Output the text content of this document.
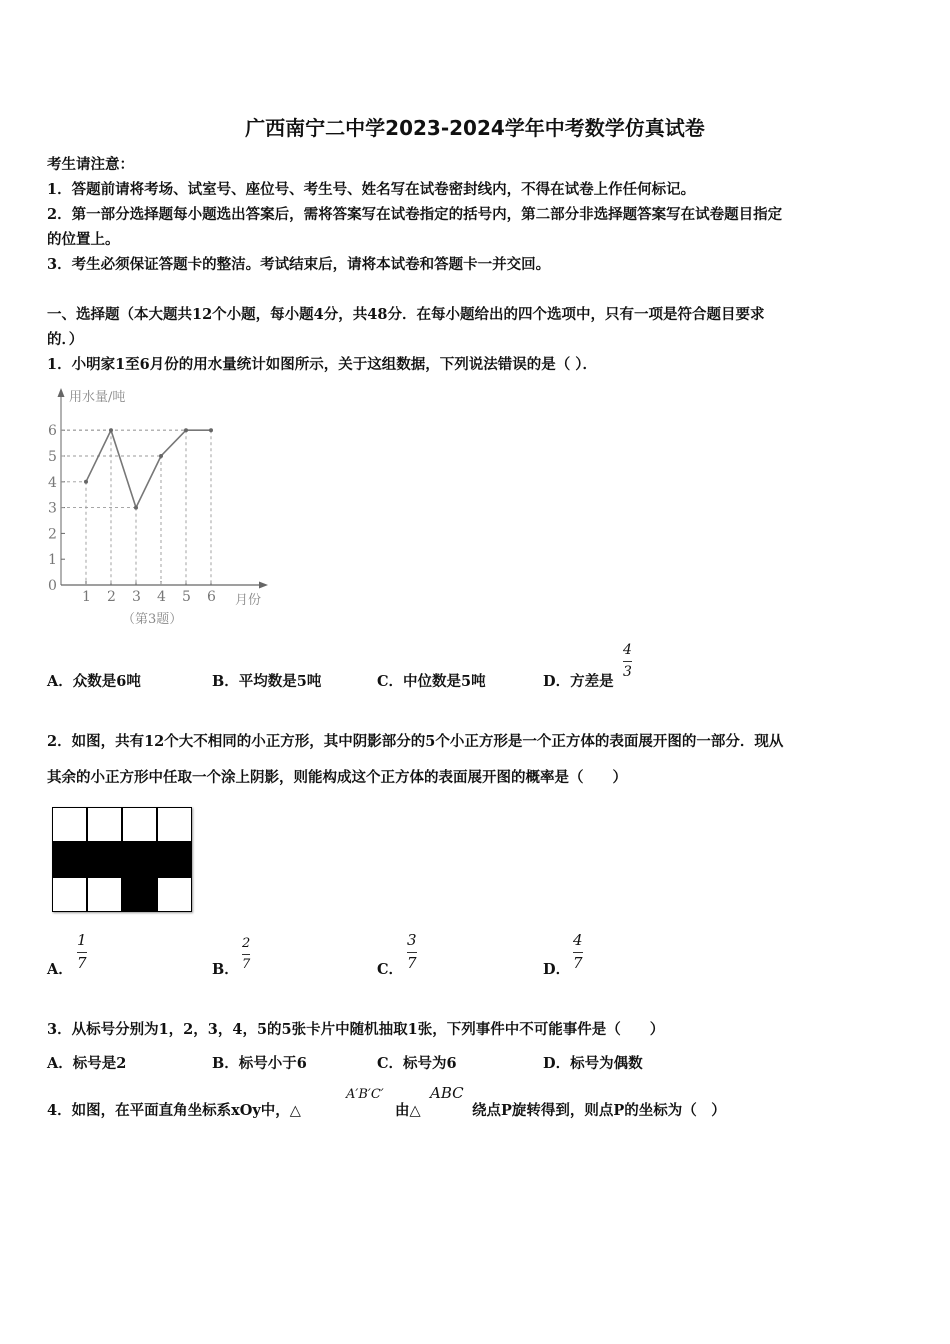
广西南宁二中学2023-2024学年中考数学仿真试卷
考生请注意：
1．答题前请将考场、试室号、座位号、考生号、姓名写在试卷密封线内，不得在试卷上作任何标记。
2．第一部分选择题每小题选出答案后，需将答案写在试卷指定的括号内，第二部分非选择题答案写在试卷题目指定
的位置上。
3．考生必须保证答题卡的整洁。考试结束后，请将本试卷和答题卡一并交回。
一、选择题（本大题共12个小题，每小题4分，共48分．在每小题给出的四个选项中，只有一项是符合题目要求
的．）
1．小明家1至6月份的用水量统计如图所示，关于这组数据，下列说法错误的是（ ）．
用水量/吨
月份
0
1
2
3
4
5
6
1 2 3 4 5 6
（第3题）
A．众数是6吨	B．平均数是5吨	C．中位数是5吨	D．方差是
4
3
2．如图，共有12个大不相同的小正方形，其中阴影部分的5个小正方形是一个正方体的表面展开图的一部分．现从
其余的小正方形中任取一个涂上阴影，则能构成这个正方体的表面展开图的概率是（　　）
A．
1
7	B．
2
7	C．
3
7	D．
4
7
3．从标号分别为1，2，3，4，5的5张卡片中随机抽取1张，下列事件中不可能事件是（　　）
A．标号是2	B．标号小于6	C．标号为6	D．标号为偶数
4．如图，在平面直角坐标系xOy中，△
A′B′C′
由△
ABC
绕点P旋转得到，则点P的坐标为（　）
